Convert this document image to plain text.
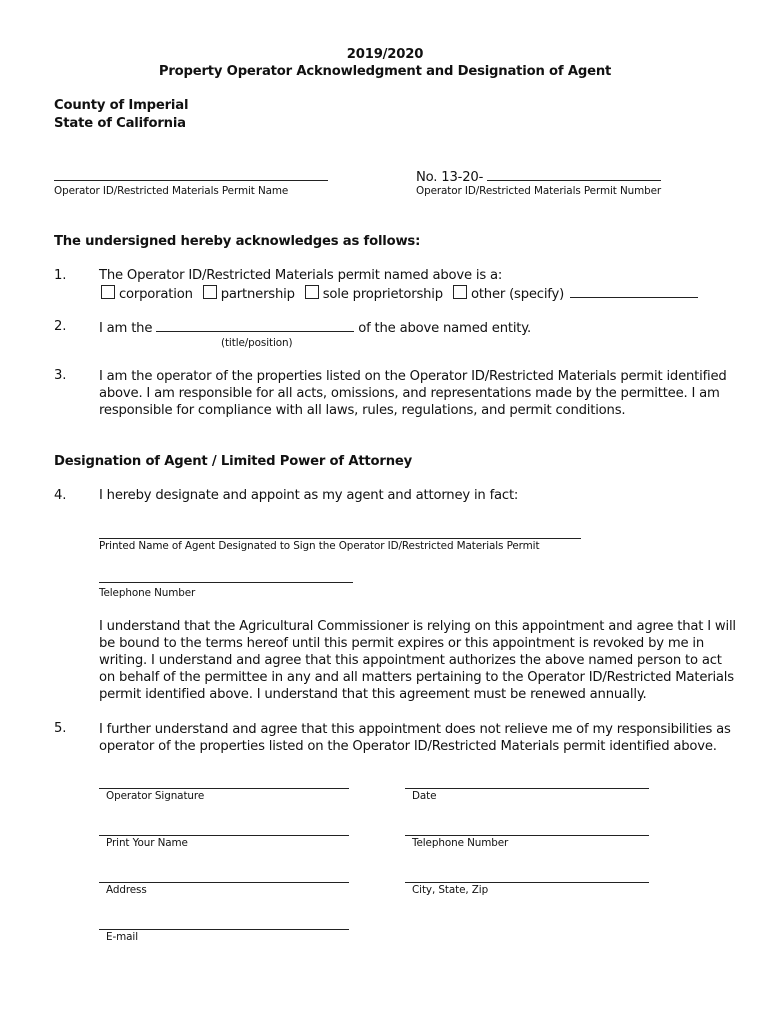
2019/2020
Property Operator Acknowledgment and Designation of Agent
County of Imperial
State of California
Operator ID/Restricted Materials Permit Name
No. 13-20-
Operator ID/Restricted Materials Permit Number
The undersigned hereby acknowledges as follows:
1. The Operator ID/Restricted Materials permit named above is a:
corporation partnership sole proprietorship other (specify)
2. I am the	of the above named entity.
(title/position)
3. I am the operator of the properties listed on the Operator ID/Restricted Materials permit identified
above. I am responsible for all acts, omissions, and representations made by the permittee. I am
responsible for compliance with all laws, rules, regulations, and permit conditions.
Designation of Agent / Limited Power of Attorney
4. I hereby designate and appoint as my agent and attorney in fact:
Printed Name of Agent Designated to Sign the Operator ID/Restricted Materials Permit
Telephone Number
I understand that the Agricultural Commissioner is relying on this appointment and agree that I will
be bound to the terms hereof until this permit expires or this appointment is revoked by me in
writing. I understand and agree that this appointment authorizes the above named person to act
on behalf of the permittee in any and all matters pertaining to the Operator ID/Restricted Materials
permit identified above. I understand that this agreement must be renewed annually.
5. I further understand and agree that this appointment does not relieve me of my responsibilities as
operator of the properties listed on the Operator ID/Restricted Materials permit identified above.
Operator Signature	Date
Print Your Name	Telephone Number
Address	City, State, Zip
E-mail
